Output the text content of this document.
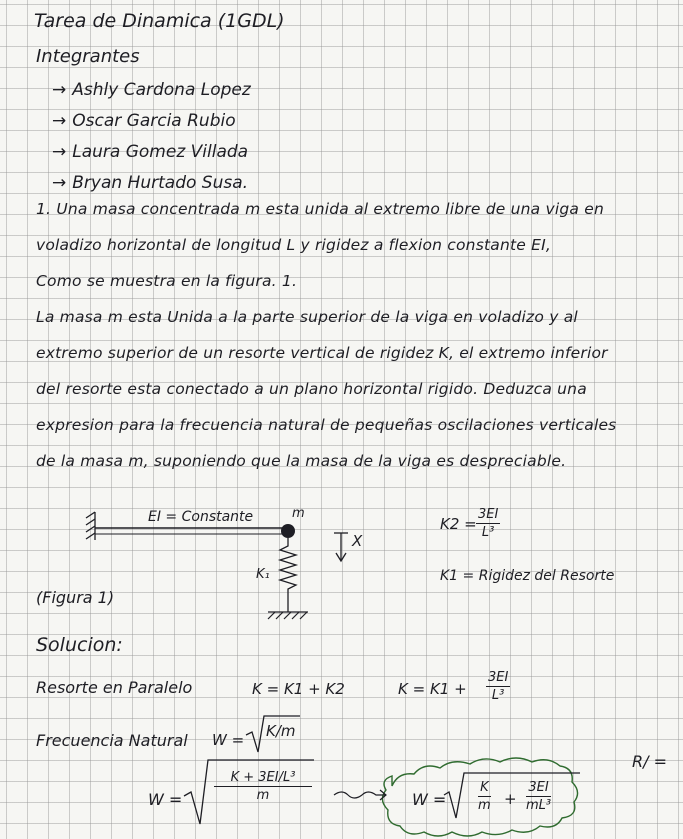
Tarea de Dinamica (1GDL)
Integrantes
→ Ashly Cardona Lopez
→ Oscar Garcia Rubio
→ Laura Gomez Villada
→ Bryan Hurtado Susa.
1. Una masa concentrada m esta unida al extremo libre de una viga en
voladizo horizontal de longitud L y rigidez a flexion constante EI,
Como se muestra en la figura. 1.
La masa m esta Unida a la parte superior de la viga en voladizo y al
extremo superior de un resorte vertical de rigidez K, el extremo inferior
del resorte esta conectado a un plano horizontal rigido. Deduzca una
expresion para la frecuencia natural de pequeñas oscilaciones verticales
de la masa m, suponiendo que la masa de la viga es despreciable.
EI = Constante	m
K₁
X
(Figura 1)
$K2 = \frac{3EI}{\text{L³}}$
K1 = Rigidez del Resorte
Solucion:
Resorte en Paralelo	K = K1 + K2	$K = K1 + \frac{3EI}{\text{L³}}$
Frecuencia Natural W = K/m
$W = \frac{\text{K + 3EI/L³}}{m}$	$W = \frac{K}{m} + \frac{3EI}{\text{mL³}}$
R/ =
